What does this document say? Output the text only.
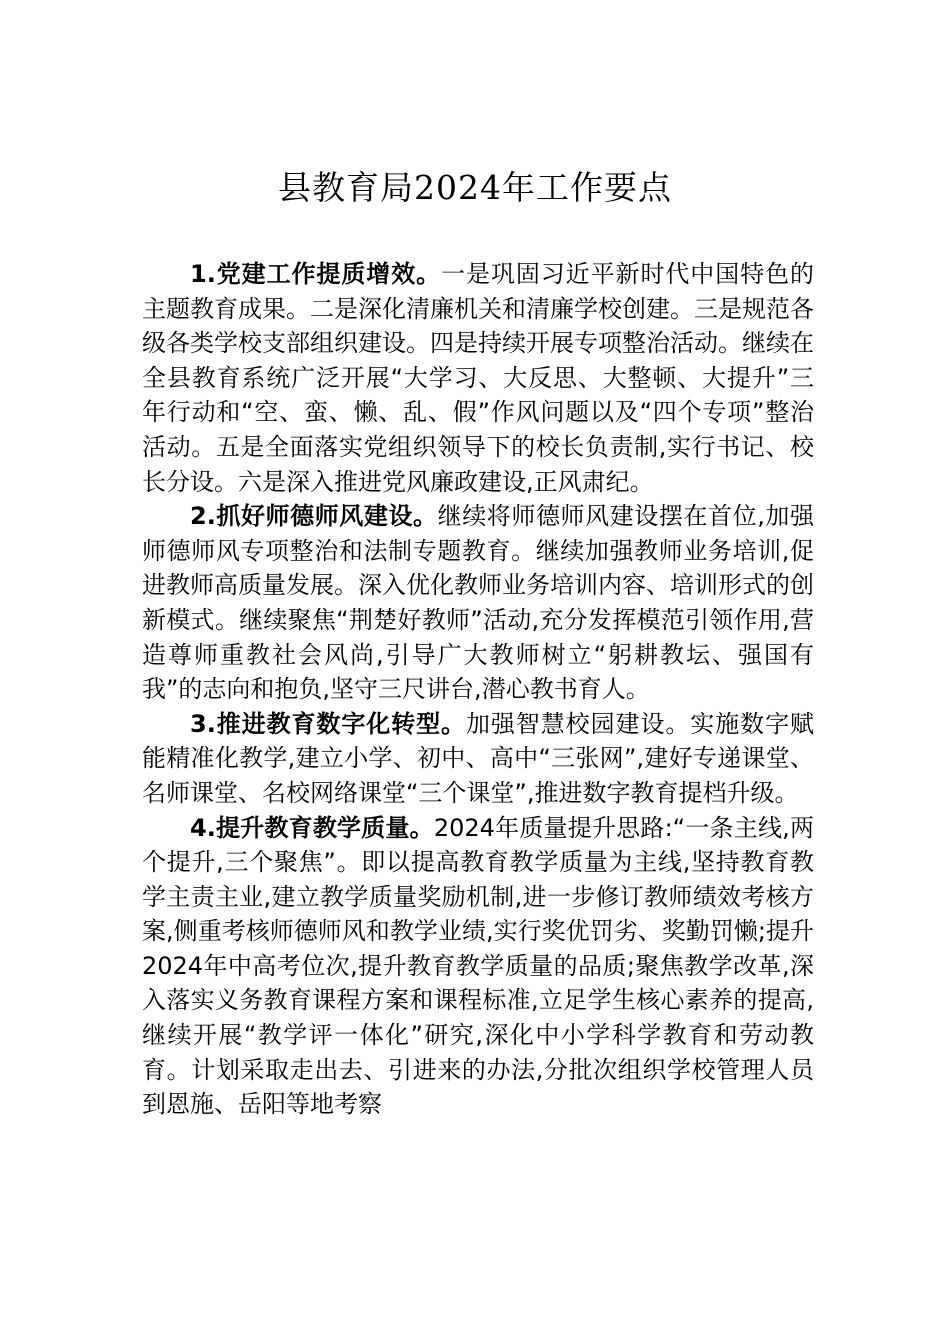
县教育局2024年工作要点

1.党建工作提质增效。一是巩固习近平新时代中国特色的主题教育成果。二是深化清廉机关和清廉学校创建。三是规范各级各类学校支部组织建设。四是持续开展专项整治活动。继续在全县教育系统广泛开展“大学习、大反思、大整顿、大提升”三年行动和“空、蛮、懒、乱、假”作风问题以及“四个专项”整治活动。五是全面落实党组织领导下的校长负责制,实行书记、校长分设。六是深入推进党风廉政建设,正风肃纪。

2.抓好师德师风建设。继续将师德师风建设摆在首位,加强师德师风专项整治和法制专题教育。继续加强教师业务培训,促进教师高质量发展。深入优化教师业务培训内容、培训形式的创新模式。继续聚焦“荆楚好教师”活动,充分发挥模范引领作用,营造尊师重教社会风尚,引导广大教师树立“躬耕教坛、强国有我”的志向和抱负,坚守三尺讲台,潜心教书育人。

3.推进教育数字化转型。加强智慧校园建设。实施数字赋能精准化教学,建立小学、初中、高中“三张网”,建好专递课堂、名师课堂、名校网络课堂“三个课堂”,推进数字教育提档升级。

4.提升教育教学质量。2024年质量提升思路:“一条主线,两个提升,三个聚焦”。即以提高教育教学质量为主线,坚持教育教学主责主业,建立教学质量奖励机制,进一步修订教师绩效考核方案,侧重考核师德师风和教学业绩,实行奖优罚劣、奖勤罚懒;提升2024年中高考位次,提升教育教学质量的品质;聚焦教学改革,深入落实义务教育课程方案和课程标准,立足学生核心素养的提高,继续开展“教学评一体化”研究,深化中小学科学教育和劳动教育。计划采取走出去、引进来的办法,分批次组织学校管理人员到恩施、岳阳等地考察
